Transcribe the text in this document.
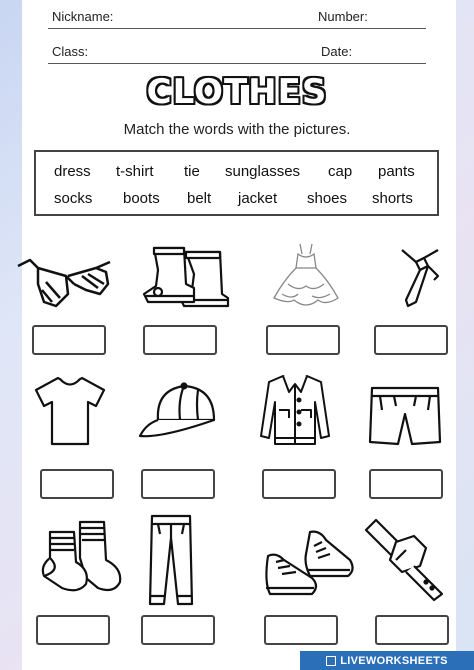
Nickname:	Number:
Class:	Date:
CLOTHES
Match the words with the pictures.
dress t-shirt tie sunglasses cap pants
socks boots belt jacket shoes shorts
LIVEWORKSHEETS
